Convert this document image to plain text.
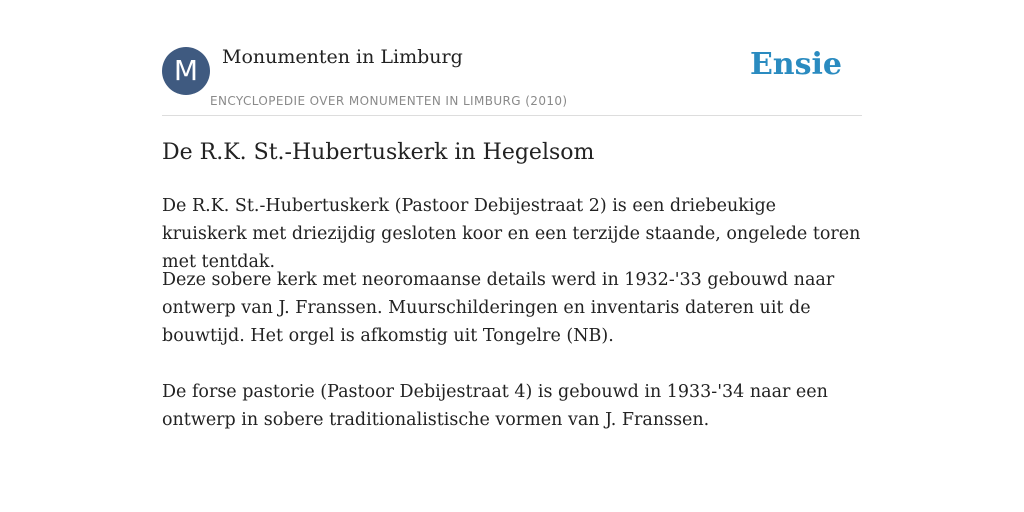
M	Monumenten in Limburg
ENCYCLOPEDIE OVER MONUMENTEN IN LIMBURG (2010)
Ensie
De R.K. St.-Hubertuskerk in Hegelsom

De R.K. St.-Hubertuskerk (Pastoor Debijestraat 2) is een driebeukige kruiskerk met driezijdig gesloten koor en een terzijde staande, ongelede toren met tentdak.

Deze sobere kerk met neoromaanse details werd in 1932-'33 gebouwd naar ontwerp van J. Franssen. Muurschilderingen en inventaris dateren uit de bouwtijd. Het orgel is afkomstig uit Tongelre (NB).

De forse pastorie (Pastoor Debijestraat 4) is gebouwd in 1933-'34 naar een ontwerp in sobere traditionalistische vormen van J. Franssen.
